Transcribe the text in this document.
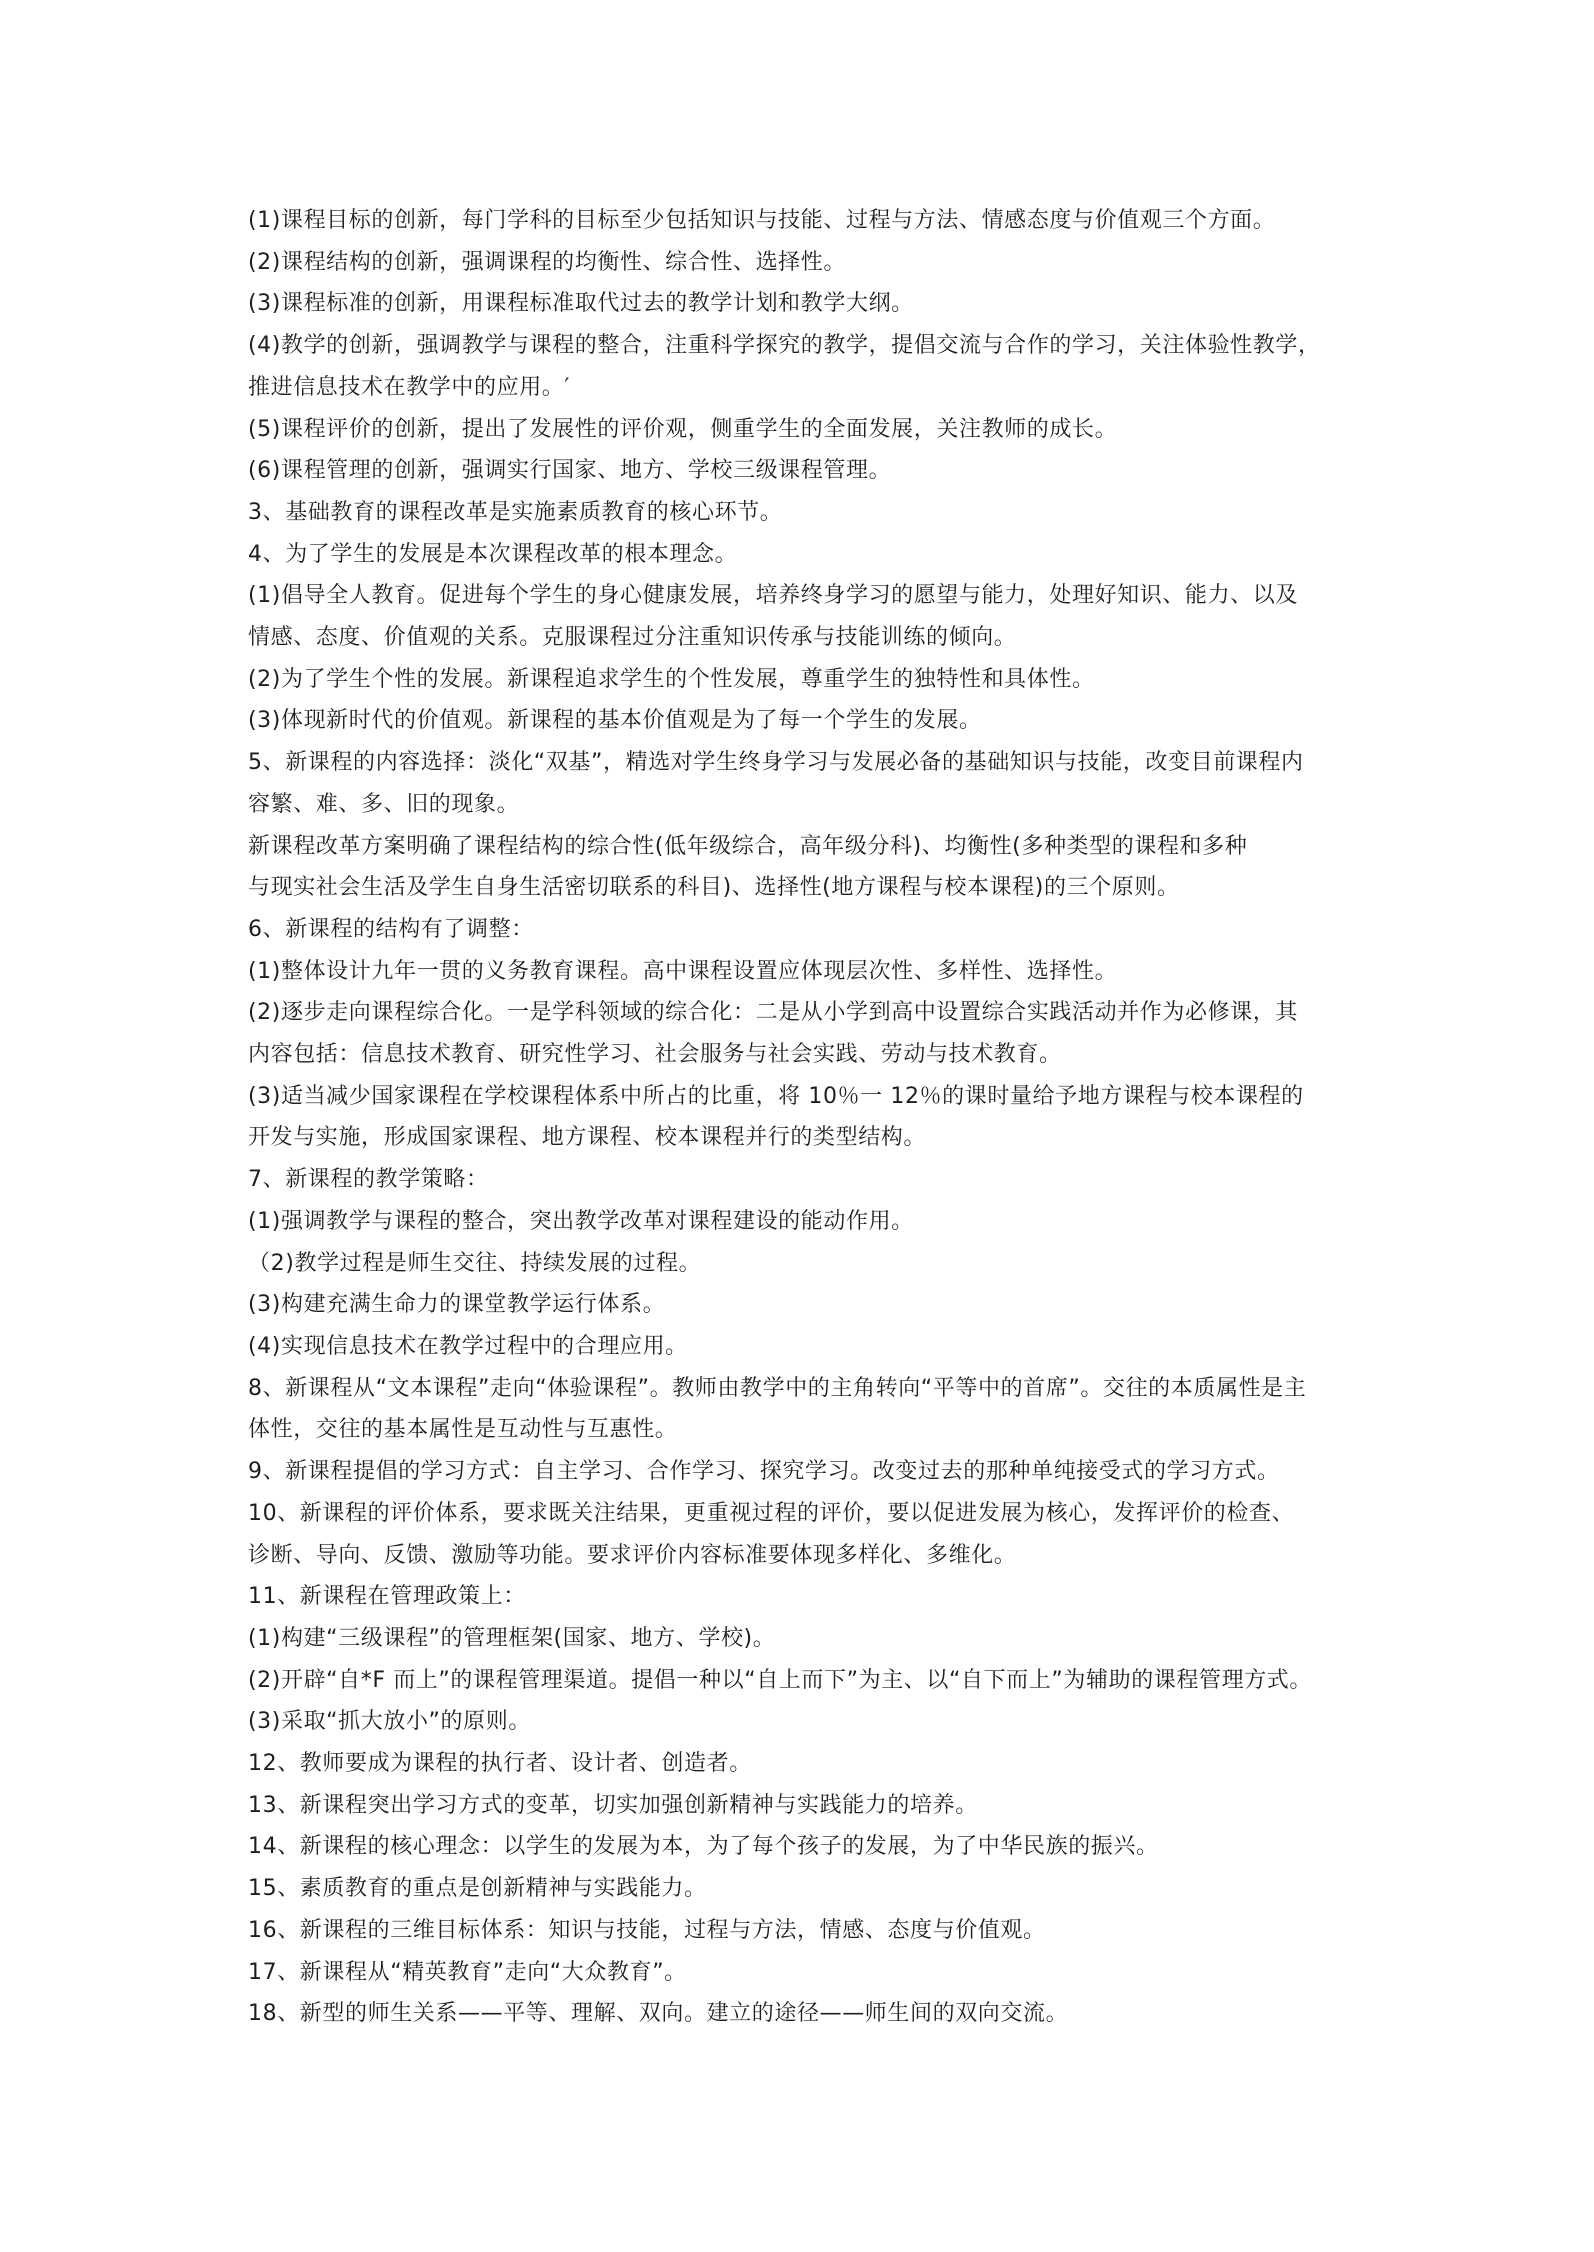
(1)课程目标的创新，每门学科的目标至少包括知识与技能、过程与方法、情感态度与价值观三个方面。
(2)课程结构的创新，强调课程的均衡性、综合性、选择性。
(3)课程标准的创新，用课程标准取代过去的教学计划和教学大纲。
(4)教学的创新，强调教学与课程的整合，注重科学探究的教学，提倡交流与合作的学习，关注体验性教学，
推进信息技术在教学中的应用。′
(5)课程评价的创新，提出了发展性的评价观，侧重学生的全面发展，关注教师的成长。
(6)课程管理的创新，强调实行国家、地方、学校三级课程管理。
3、基础教育的课程改革是实施素质教育的核心环节。
4、为了学生的发展是本次课程改革的根本理念。
(1)倡导全人教育。促进每个学生的身心健康发展，培养终身学习的愿望与能力，处理好知识、能力、以及
情感、态度、价值观的关系。克服课程过分注重知识传承与技能训练的倾向。
(2)为了学生个性的发展。新课程追求学生的个性发展，尊重学生的独特性和具体性。
(3)体现新时代的价值观。新课程的基本价值观是为了每一个学生的发展。
5、新课程的内容选择：淡化“双基”，精选对学生终身学习与发展必备的基础知识与技能，改变目前课程内
容繁、难、多、旧的现象。
新课程改革方案明确了课程结构的综合性(低年级综合，高年级分科)、均衡性(多种类型的课程和多种
与现实社会生活及学生自身生活密切联系的科目)、选择性(地方课程与校本课程)的三个原则。
6、新课程的结构有了调整：
(1)整体设计九年一贯的义务教育课程。高中课程设置应体现层次性、多样性、选择性。
(2)逐步走向课程综合化。一是学科领域的综合化：二是从小学到高中设置综合实践活动并作为必修课，其
内容包括：信息技术教育、研究性学习、社会服务与社会实践、劳动与技术教育。
(3)适当减少国家课程在学校课程体系中所占的比重，将 10％一 12％的课时量给予地方课程与校本课程的
开发与实施，形成国家课程、地方课程、校本课程并行的类型结构。
7、新课程的教学策略：
(1)强调教学与课程的整合，突出教学改革对课程建设的能动作用。
（2)教学过程是师生交往、持续发展的过程。
(3)构建充满生命力的课堂教学运行体系。
(4)实现信息技术在教学过程中的合理应用。
8、新课程从“文本课程”走向“体验课程”。教师由教学中的主角转向“平等中的首席”。交往的本质属性是主
体性，交往的基本属性是互动性与互惠性。
9、新课程提倡的学习方式：自主学习、合作学习、探究学习。改变过去的那种单纯接受式的学习方式。
10、新课程的评价体系，要求既关注结果，更重视过程的评价，要以促进发展为核心，发挥评价的检查、
诊断、导向、反馈、激励等功能。要求评价内容标准要体现多样化、多维化。
11、新课程在管理政策上：
(1)构建“三级课程”的管理框架(国家、地方、学校)。
(2)开辟“自*F 而上”的课程管理渠道。提倡一种以“自上而下”为主、以“自下而上”为辅助的课程管理方式。
(3)采取“抓大放小”的原则。
12、教师要成为课程的执行者、设计者、创造者。
13、新课程突出学习方式的变革，切实加强创新精神与实践能力的培养。
14、新课程的核心理念：以学生的发展为本，为了每个孩子的发展，为了中华民族的振兴。
15、素质教育的重点是创新精神与实践能力。
16、新课程的三维目标体系：知识与技能，过程与方法，情感、态度与价值观。
17、新课程从“精英教育”走向“大众教育”。
18、新型的师生关系——平等、理解、双向。建立的途径——师生间的双向交流。
